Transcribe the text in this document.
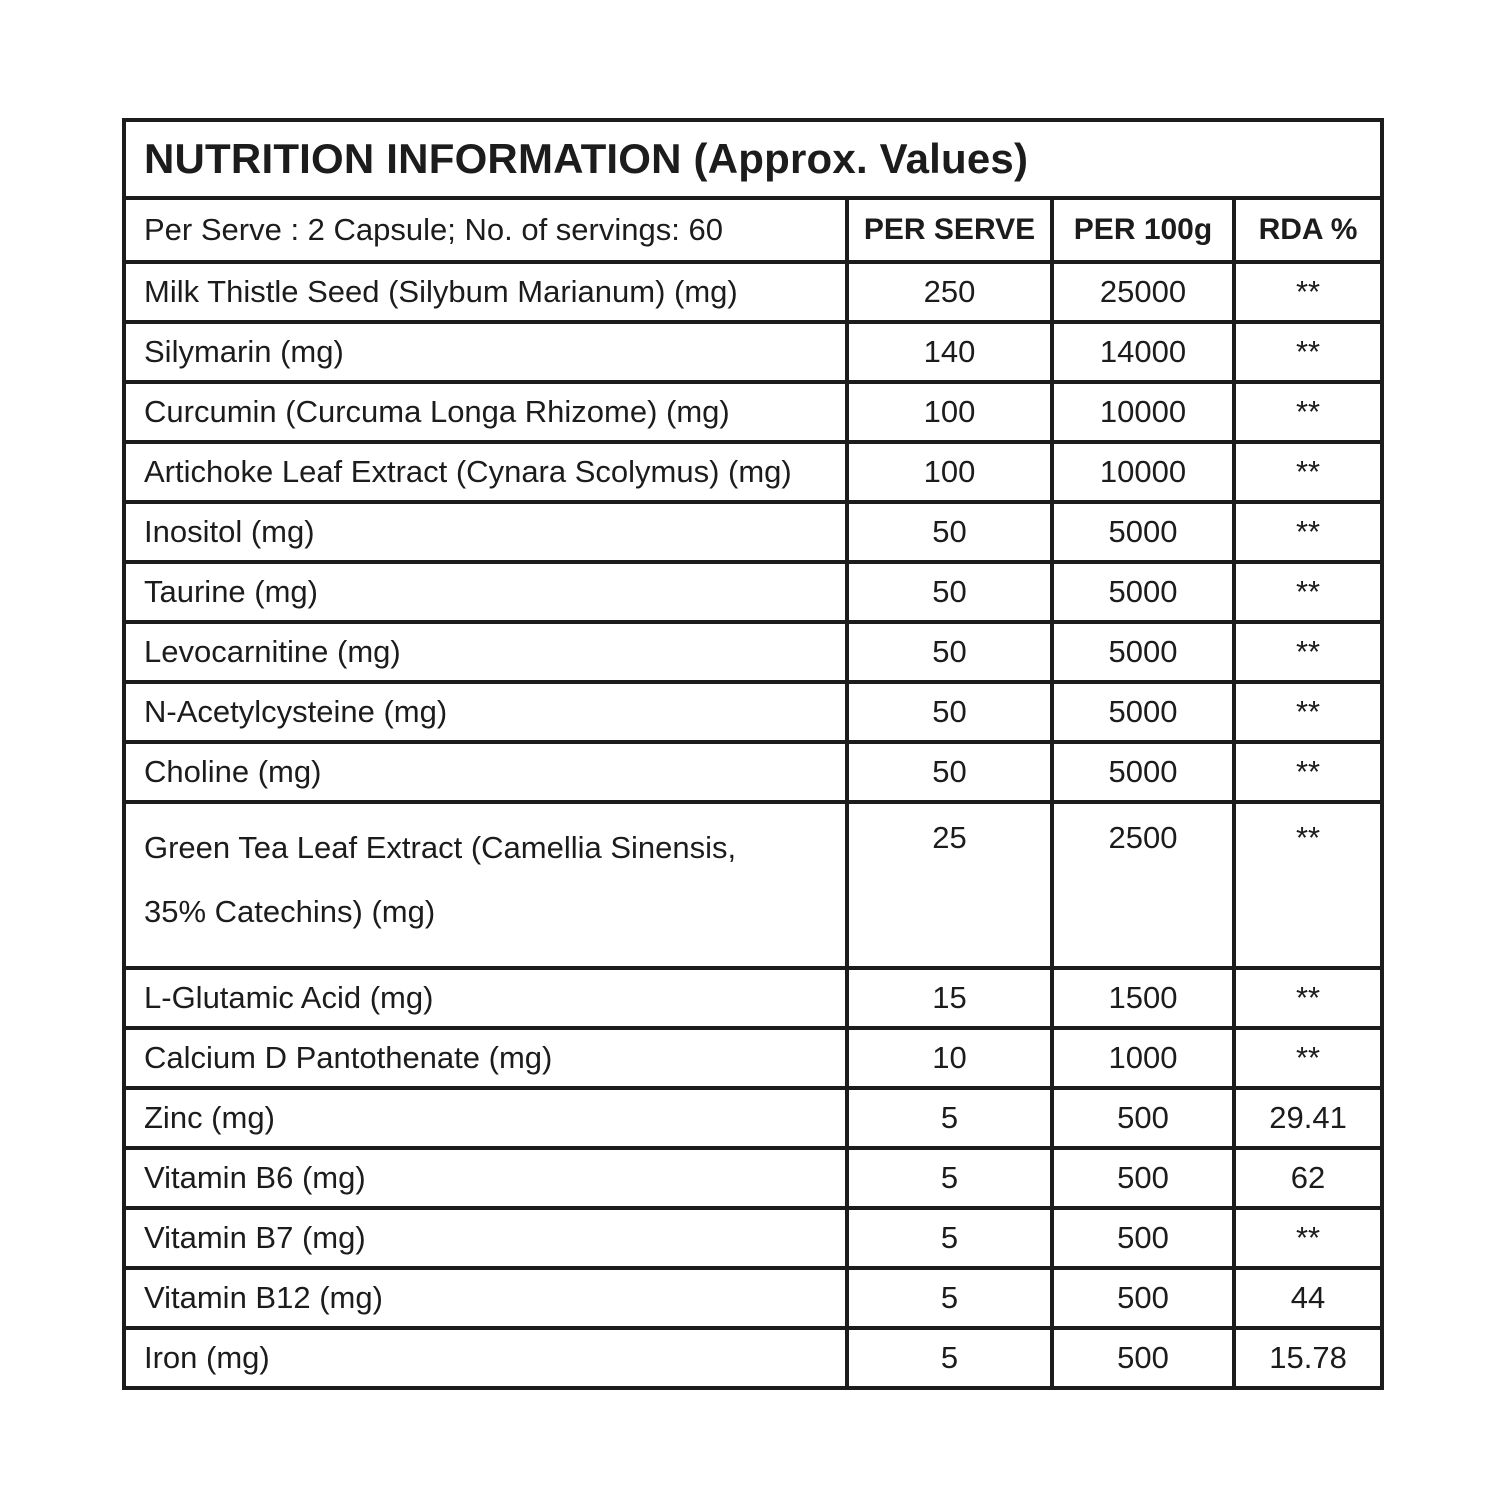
NUTRITION INFORMATION (Approx. Values)			
Per Serve : 2 Capsule; No. of servings: 60	PER SERVE	PER 100g	RDA %
Milk Thistle Seed (Silybum Marianum) (mg)	250	25000	**
Silymarin (mg)	140	14000	**
Curcumin (Curcuma Longa Rhizome) (mg)	100	10000	**
Artichoke Leaf Extract (Cynara Scolymus) (mg)	100	10000	**
Inositol (mg)	50	5000	**
Taurine (mg)	50	5000	**
Levocarnitine (mg)	50	5000	**
N-Acetylcysteine (mg)	50	5000	**
Choline (mg)	50	5000	**
Green Tea Leaf Extract (Camellia Sinensis,
35% Catechins) (mg)	25	2500	**
L-Glutamic Acid (mg)	15	1500	**
Calcium D Pantothenate (mg)	10	1000	**
Zinc (mg)	5	500	29.41
Vitamin B6 (mg)	5	500	62
Vitamin B7 (mg)	5	500	**
Vitamin B12 (mg)	5	500	44
Iron (mg)	5	500	15.78
